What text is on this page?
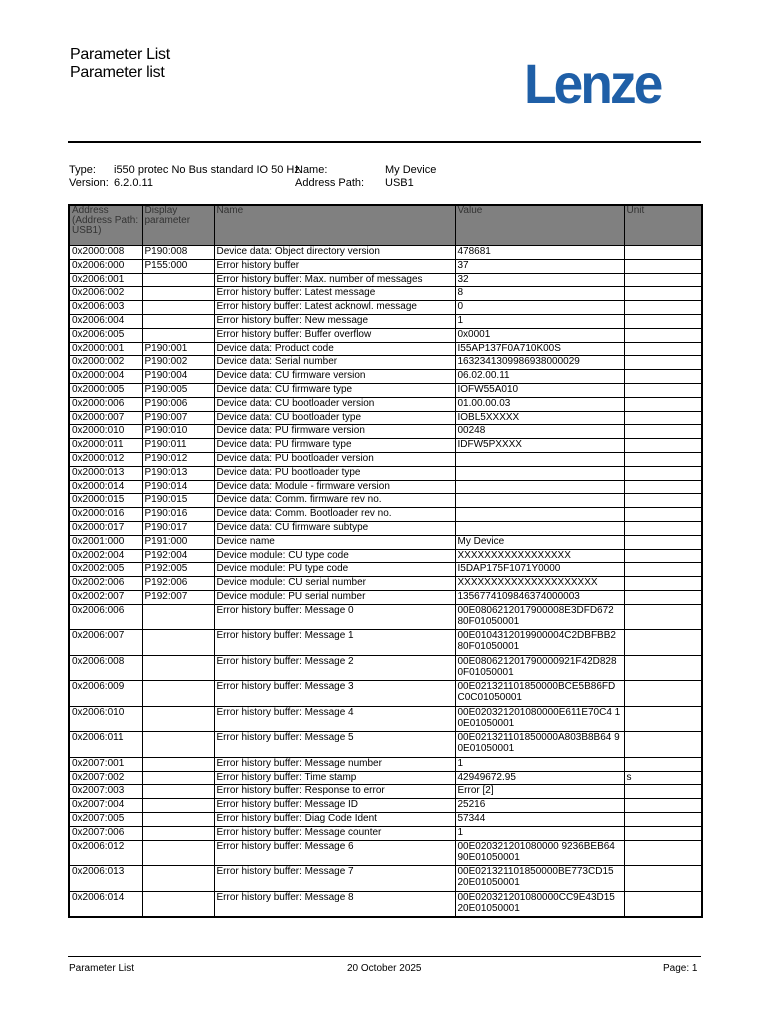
Parameter List
Parameter list	Lenze
Type: i550 protec No Bus standard IO 50 Hz
Version: 6.2.0.11
Name:	My Device
Address Path: USB1
Address (Address Path: USB1)	Display parameter	Name	Value	Unit
0x2000:008	P190:008	Device data: Object directory version	478681	
0x2006:000	P155:000	Error history buffer	37	
0x2006:001		Error history buffer: Max. number of messages	32	
0x2006:002		Error history buffer: Latest message	8	
0x2006:003		Error history buffer: Latest acknowl. message	0	
0x2006:004		Error history buffer: New message	1	
0x2006:005		Error history buffer: Buffer overflow	0x0001	
0x2000:001	P190:001	Device data: Product code	I55AP137F0A710K00S	
0x2000:002	P190:002	Device data: Serial number	1632341309986938000029	
0x2000:004	P190:004	Device data: CU firmware version	06.02.00.11	
0x2000:005	P190:005	Device data: CU firmware type	IOFW55A010	
0x2000:006	P190:006	Device data: CU bootloader version	01.00.00.03	
0x2000:007	P190:007	Device data: CU bootloader type	IOBL5XXXXX	
0x2000:010	P190:010	Device data: PU firmware version	00248	
0x2000:011	P190:011	Device data: PU firmware type	IDFW5PXXXX	
0x2000:012	P190:012	Device data: PU bootloader version		
0x2000:013	P190:013	Device data: PU bootloader type		
0x2000:014	P190:014	Device data: Module - firmware version		
0x2000:015	P190:015	Device data: Comm. firmware rev no.		
0x2000:016	P190:016	Device data: Comm. Bootloader rev no.		
0x2000:017	P190:017	Device data: CU firmware subtype		
0x2001:000	P191:000	Device name	My Device	
0x2002:004	P192:004	Device module: CU type code	XXXXXXXXXXXXXXXXX	
0x2002:005	P192:005	Device module: PU type code	I5DAP175F1071Y0000	
0x2002:006	P192:006	Device module: CU serial number	XXXXXXXXXXXXXXXXXXXXX	
0x2002:007	P192:007	Device module: PU serial number	1356774109846374000003	
0x2006:006		Error history buffer: Message 0	00E0806212017900008E3DFD672 80F01050001	
0x2006:007		Error history buffer: Message 1	00E0104312019900004C2DBFBB2 80F01050001	
0x2006:008		Error history buffer: Message 2	00E080621201790000921F42D828 0F01050001	
0x2006:009		Error history buffer: Message 3	00E021321101850000BCE5B86FD C0C01050001	
0x2006:010		Error history buffer: Message 4	00E020321201080000E611E70C4 10E01050001	
0x2006:011		Error history buffer: Message 5	00E021321101850000A803B8B64 90E01050001	
0x2007:001		Error history buffer: Message number	1	
0x2007:002		Error history buffer: Time stamp	42949672.95	s
0x2007:003		Error history buffer: Response to error	Error [2]	
0x2007:004		Error history buffer: Message ID	25216	
0x2007:005		Error history buffer: Diag Code Ident	57344	
0x2007:006		Error history buffer: Message counter	1	
0x2006:012		Error history buffer: Message 6	00E020321201080000 9236BEB64 90E01050001	
0x2006:013		Error history buffer: Message 7	00E021321101850000BE773CD15 20E01050001	
0x2006:014		Error history buffer: Message 8	00E020321201080000CC9E43D15 20E01050001	
Parameter List	20 October 2025	Page: 1
